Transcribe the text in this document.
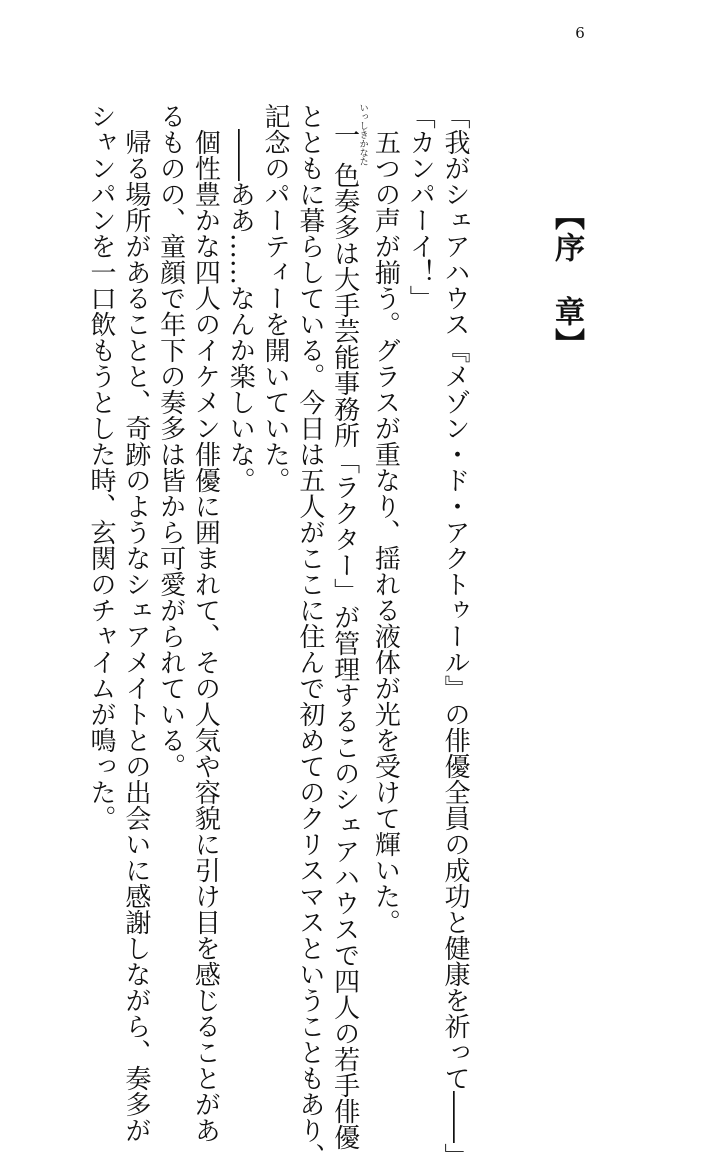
6
【序　章】

「我がシェアハウス『メゾン・ド・アクトゥール』の俳優全員の成功と健康を祈って――」

「カンパーイ！」

五つの声が揃う。グラスが重なり、揺れる液体が光を受けて輝いた。

一いっしきかなた色奏多は大手芸能事務所「ラクター」が管理するこのシェアハウスで四人の若手俳優

とともに暮らしている。今日は五人がここに住んで初めてのクリスマスということもあり、

記念のパーティーを開いていた。

――ああ……なんか楽しいな。

個性豊かな四人のイケメン俳優に囲まれて、その人気や容貌に引け目を感じることがあ

るものの、童顔で年下の奏多は皆から可愛がられている。

帰る場所があることと、奇跡のようなシェアメイトとの出会いに感謝しながら、奏多が

シャンパンを一口飲もうとした時、玄関のチャイムが鳴った。
